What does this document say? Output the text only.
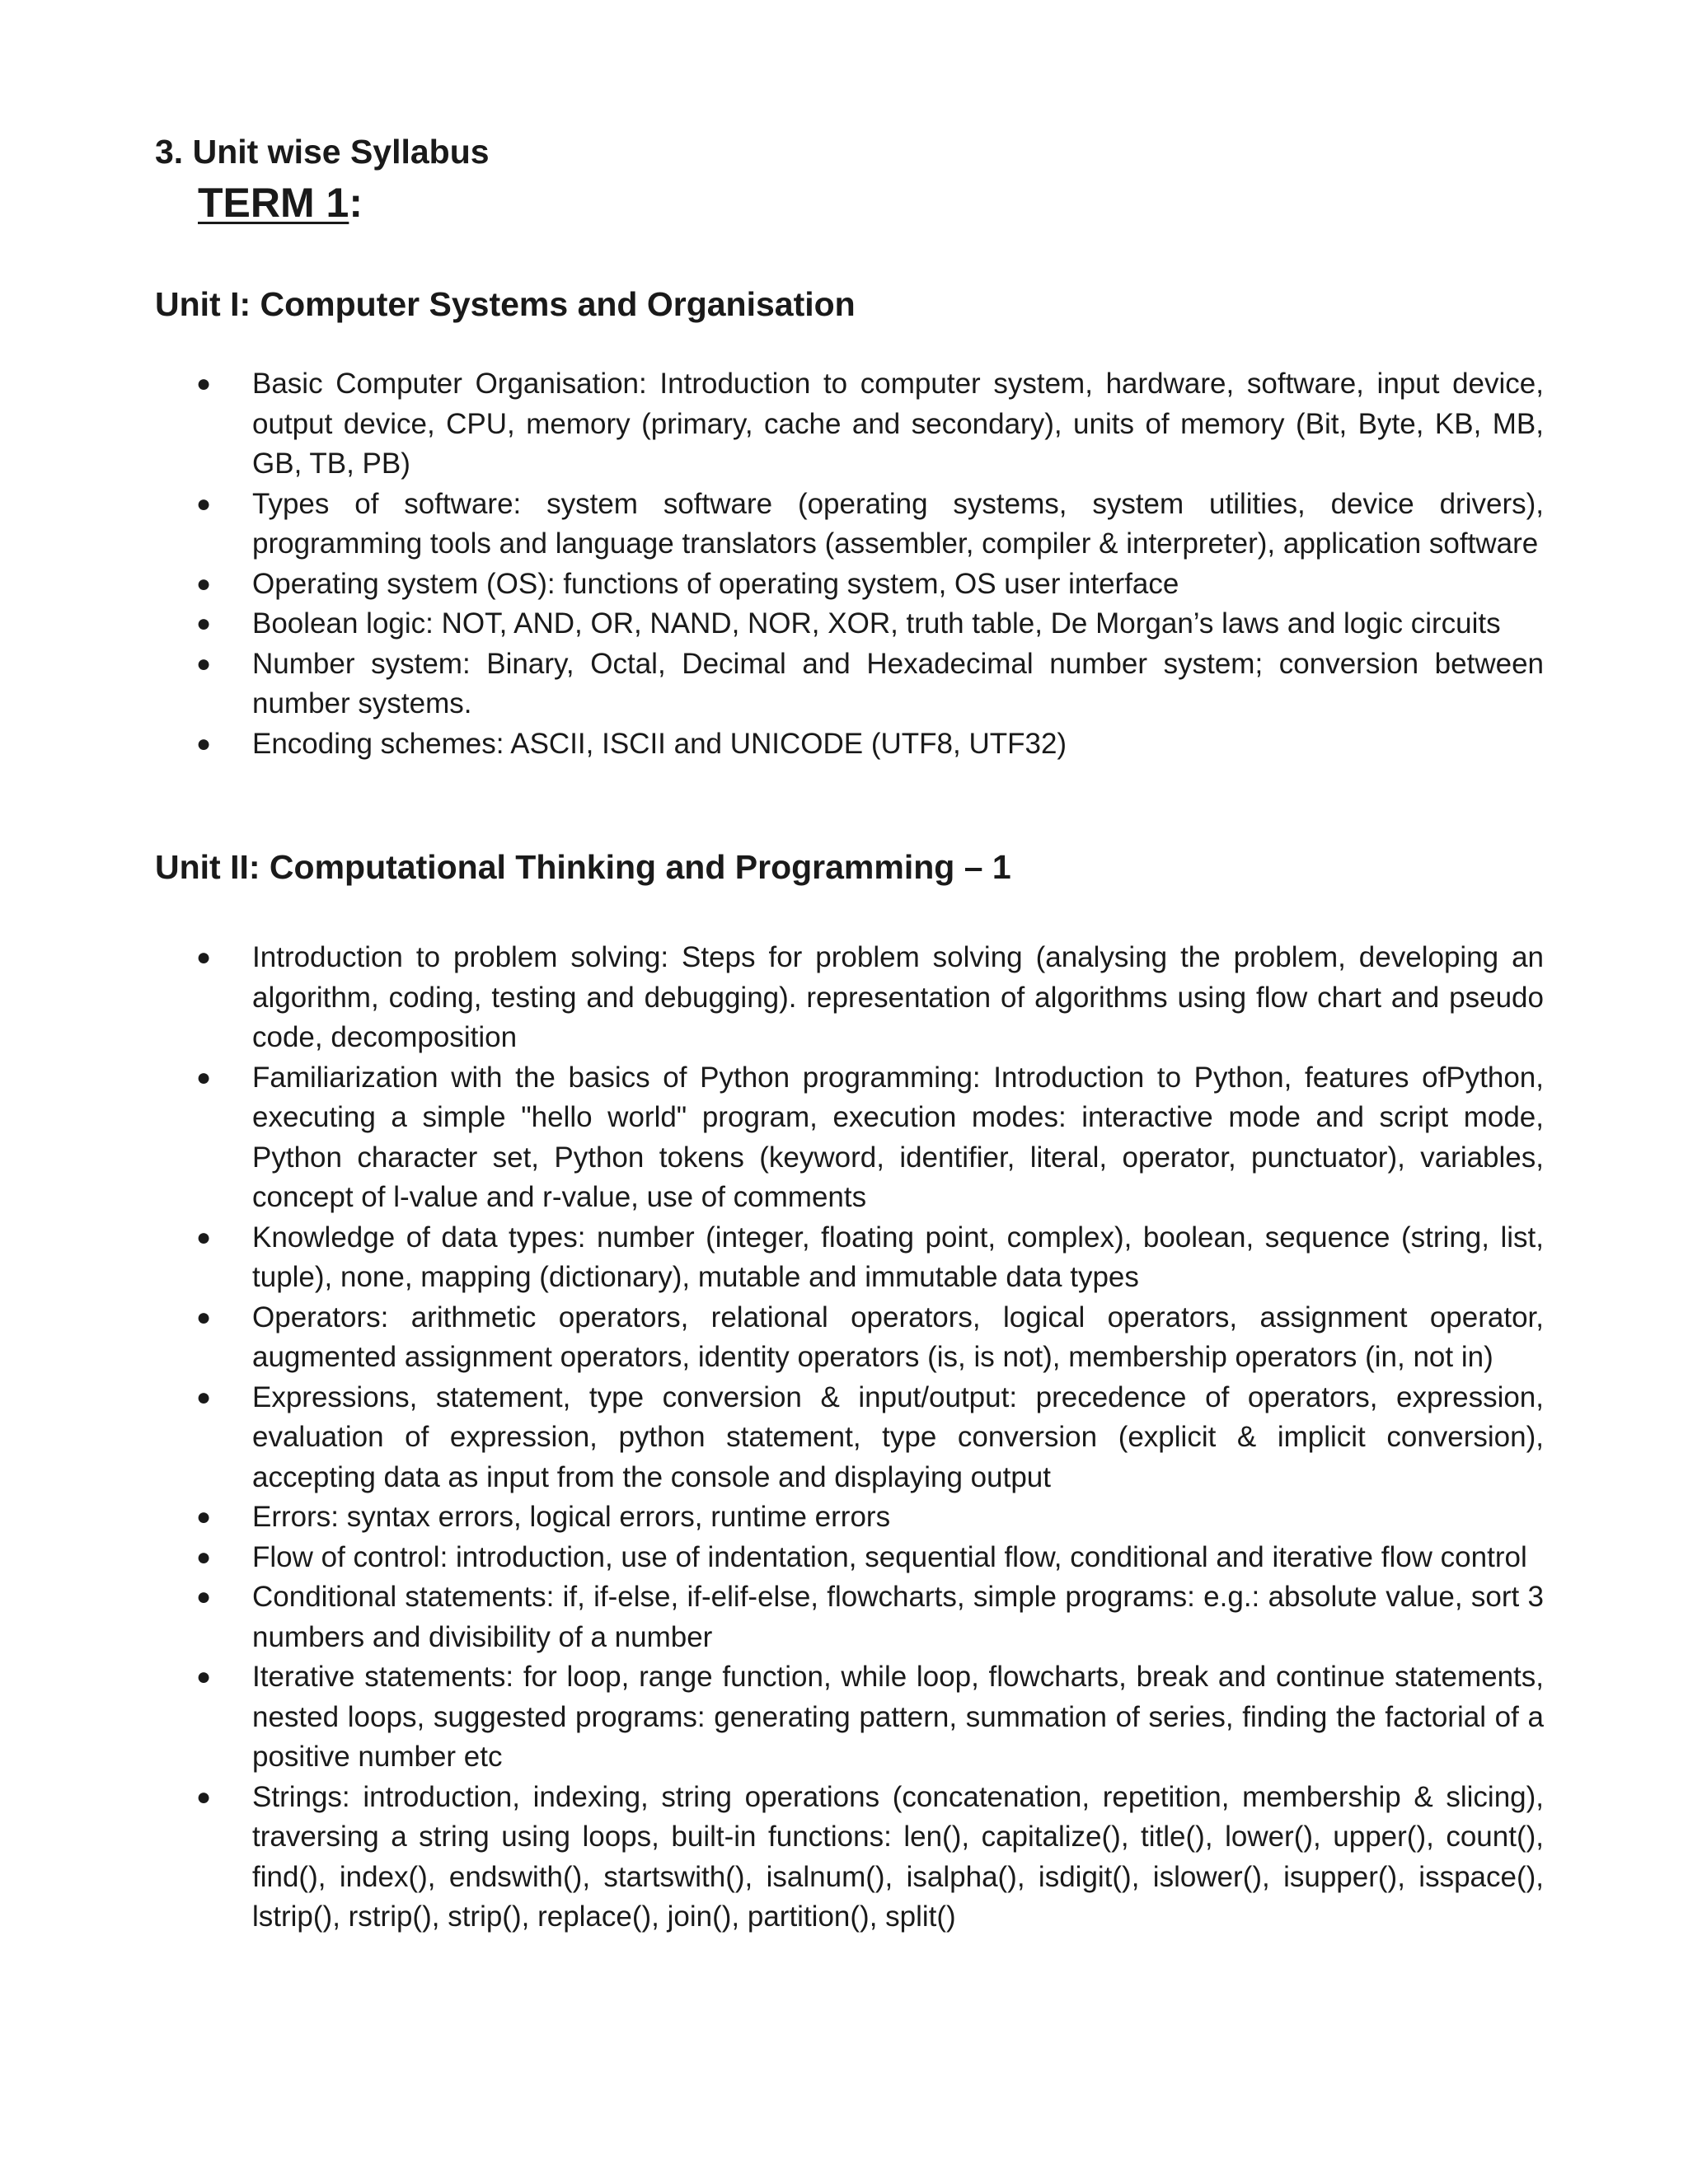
3. Unit wise Syllabus
TERM 1:
Unit I: Computer Systems and Organisation
●	Basic Computer Organisation: Introduction to computer system, hardware, software, input device, output device, CPU, memory (primary, cache and secondary), units of memory (Bit, Byte, KB, MB, GB, TB, PB)
●	Types of software: system software (operating systems, system utilities, device drivers), programming tools and language translators (assembler, compiler & interpreter), application software
●	Operating system (OS): functions of operating system, OS user interface
●	Boolean logic: NOT, AND, OR, NAND, NOR, XOR, truth table, De Morgan’s laws and logic circuits
●	Number system: Binary, Octal, Decimal and Hexadecimal number system; conversion between number systems.
●	Encoding schemes: ASCII, ISCII and UNICODE (UTF8, UTF32)
Unit II: Computational Thinking and Programming – 1
●	Introduction to problem solving: Steps for problem solving (analysing the problem, developing an algorithm, coding, testing and debugging). representation of algorithms using flow chart and pseudo code, decomposition
●	Familiarization with the basics of Python programming: Introduction to Python, features ofPython, executing a simple "hello world" program, execution modes: interactive mode and script mode, Python character set, Python tokens (keyword, identifier, literal, operator, punctuator), variables, concept of l-value and r-value, use of comments
●	Knowledge of data types: number (integer, floating point, complex), boolean, sequence (string, list, tuple), none, mapping (dictionary), mutable and immutable data types
●	Operators: arithmetic operators, relational operators, logical operators, assignment operator, augmented assignment operators, identity operators (is, is not), membership operators (in, not in)
●	Expressions, statement, type conversion & input/output: precedence of operators, expression, evaluation of expression, python statement, type conversion (explicit & implicit conversion), accepting data as input from the console and displaying output
●	Errors: syntax errors, logical errors, runtime errors
●	Flow of control: introduction, use of indentation, sequential flow, conditional and iterative flow control
●	Conditional statements: if, if-else, if-elif-else, flowcharts, simple programs: e.g.: absolute value, sort 3 numbers and divisibility of a number
●	Iterative statements: for loop, range function, while loop, flowcharts, break and continue statements, nested loops, suggested programs: generating pattern, summation of series, finding the factorial of a positive number etc
●	Strings: introduction, indexing, string operations (concatenation, repetition, membership & slicing), traversing a string using loops, built-in functions: len(), capitalize(), title(), lower(), upper(), count(), find(), index(), endswith(), startswith(), isalnum(), isalpha(), isdigit(), islower(), isupper(), isspace(), lstrip(), rstrip(), strip(), replace(), join(), partition(), split()
